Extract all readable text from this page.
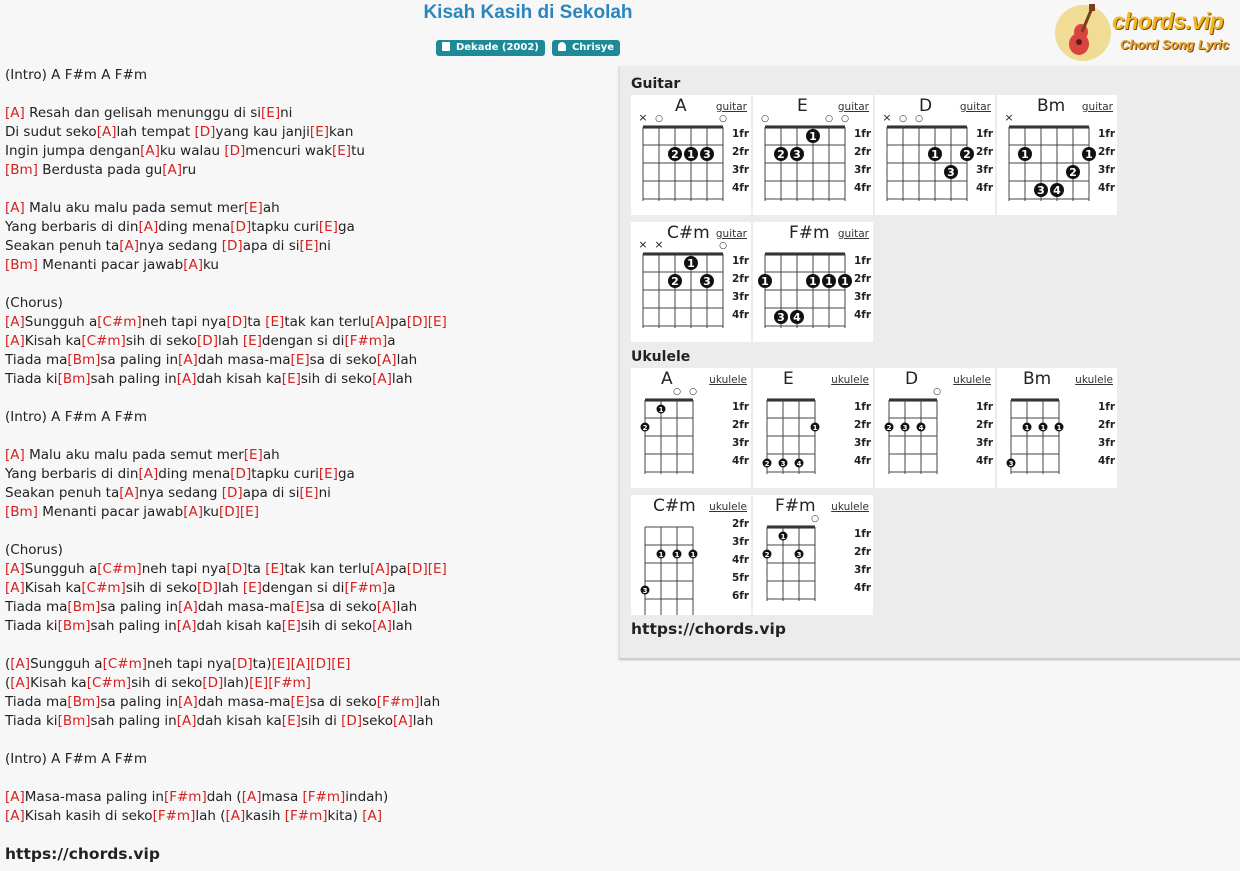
Kisah Kasih di Sekolah
Dekade (2002)	Chrisye
chords.vip
Chord Song Lyric
(Intro) A F#m A F#m
[A] Resah dan gelisah menunggu di si[E]ni
Di sudut seko[A]lah tempat [D]yang kau janji[E]kan
Ingin jumpa dengan[A]ku walau [D]mencuri wak[E]tu
[Bm] Berdusta pada gu[A]ru
[A] Malu aku malu pada semut mer[E]ah
Yang berbaris di din[A]ding mena[D]tapku curi[E]ga
Seakan penuh ta[A]nya sedang [D]apa di si[E]ni
[Bm] Menanti pacar jawab[A]ku
(Chorus)
[A]Sungguh a[C#m]neh tapi nya[D]ta [E]tak kan terlu[A]pa[D][E]
[A]Kisah ka[C#m]sih di seko[D]lah [E]dengan si di[F#m]a
Tiada ma[Bm]sa paling in[A]dah masa-ma[E]sa di seko[A]lah
Tiada ki[Bm]sah paling in[A]dah kisah ka[E]sih di seko[A]lah
(Intro) A F#m A F#m
[A] Malu aku malu pada semut mer[E]ah
Yang berbaris di din[A]ding mena[D]tapku curi[E]ga
Seakan penuh ta[A]nya sedang [D]apa di si[E]ni
[Bm] Menanti pacar jawab[A]ku[D][E]
(Chorus)
[A]Sungguh a[C#m]neh tapi nya[D]ta [E]tak kan terlu[A]pa[D][E]
[A]Kisah ka[C#m]sih di seko[D]lah [E]dengan si di[F#m]a
Tiada ma[Bm]sa paling in[A]dah masa-ma[E]sa di seko[A]lah
Tiada ki[Bm]sah paling in[A]dah kisah ka[E]sih di seko[A]lah
([A]Sungguh a[C#m]neh tapi nya[D]ta)[E][A][D][E]
([A]Kisah ka[C#m]sih di seko[D]lah)[E][F#m]
Tiada ma[Bm]sa paling in[A]dah masa-ma[E]sa di seko[F#m]lah
Tiada ki[Bm]sah paling in[A]dah kisah ka[E]sih di [D]seko[A]lah
(Intro) A F#m A F#m
[A]Masa-masa paling in[F#m]dah ([A]masa [F#m]indah)
[A]Kisah kasih di seko[F#m]lah ([A]kasih [F#m]kita) [A]
https://chords.vip
Guitar
Ukulele
https://chords.vip
× ○	○
2 1 3
1fr
2fr
3fr
4fr
A	guitar
○	○ ○
2 3
1	1fr
2fr
3fr
4fr
E	guitar
× ○ ○
1
3
2
1fr
2fr
3fr
4fr
D	guitar
×
1
3 4
2
1
1fr
2fr
3fr
4fr
Bm guitar
× ×	○
2
1
3
1fr
2fr
3fr
4fr
C#m guitar
1
3 4
1 1 1
1fr
2fr
3fr
4fr
F#m guitar
○ ○
2
1	1fr
2fr
3fr
4fr
A	ukulele
2 3 4
1
1fr
2fr
3fr
4fr
E	ukulele
○
2 3 4
1fr
2fr
3fr
4fr
D	ukulele
3
1 1 1
1fr
2fr
3fr
4fr
Bm ukulele
3
1 1 1
2fr
3fr
4fr
5fr
6fr
C#m ukulele
○
2
1
3
1fr
2fr
3fr
4fr
F#m ukulele
